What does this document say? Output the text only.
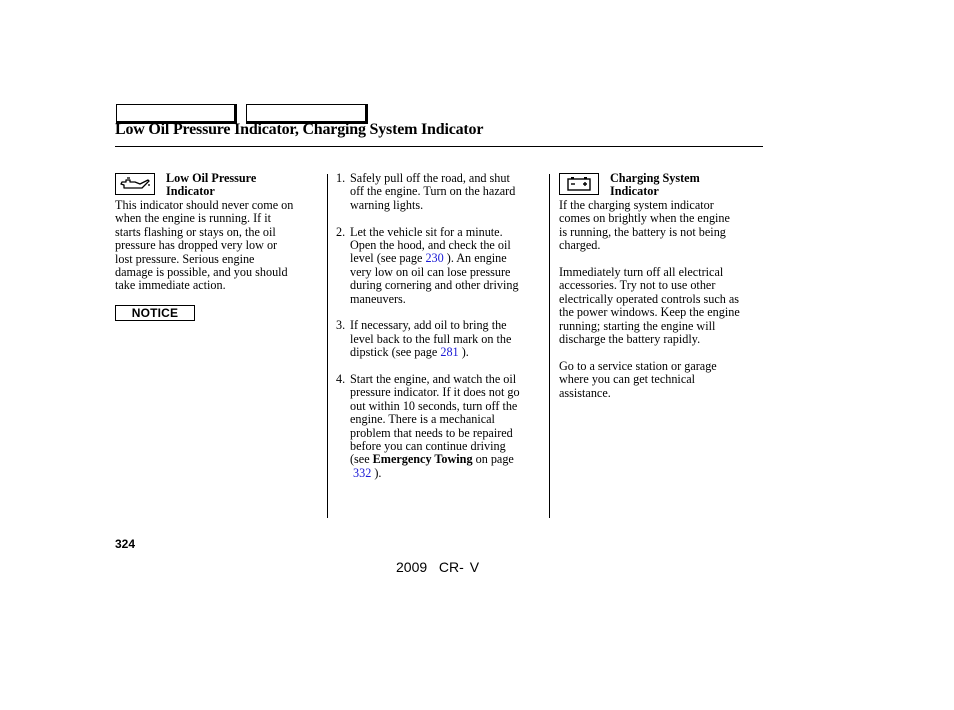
Low Oil Pressure Indicator, Charging System Indicator
Low Oil Pressure
Indicator
This indicator should never come on
when the engine is running. If it
starts flashing or stays on, the oil
pressure has dropped very low or
lost pressure. Serious engine
damage is possible, and you should
take immediate action.
NOTICE
1. Safely pull off the road, and shut
off the engine. Turn on the hazard
warning lights.
2. Let the vehicle sit for a minute.
Open the hood, and check the oil
level (see page 230 ). An engine
very low on oil can lose pressure
during cornering and other driving
maneuvers.
3. If necessary, add oil to bring the
level back to the full mark on the
dipstick (see page 281 ).
4. Start the engine, and watch the oil
pressure indicator. If it does not go
out within 10 seconds, turn off the
engine. There is a mechanical
problem that needs to be repaired
before you can continue driving
(see Emergency Towing on page
332 ).
Charging System
Indicator
If the charging system indicator
comes on brightly when the engine
is running, the battery is not being
charged.
Immediately turn off all electrical
accessories. Try not to use other
electrically operated controls such as
the power windows. Keep the engine
running; starting the engine will
discharge the battery rapidly.
Go to a service station or garage
where you can get technical
assistance.
324
2009  CR- V
